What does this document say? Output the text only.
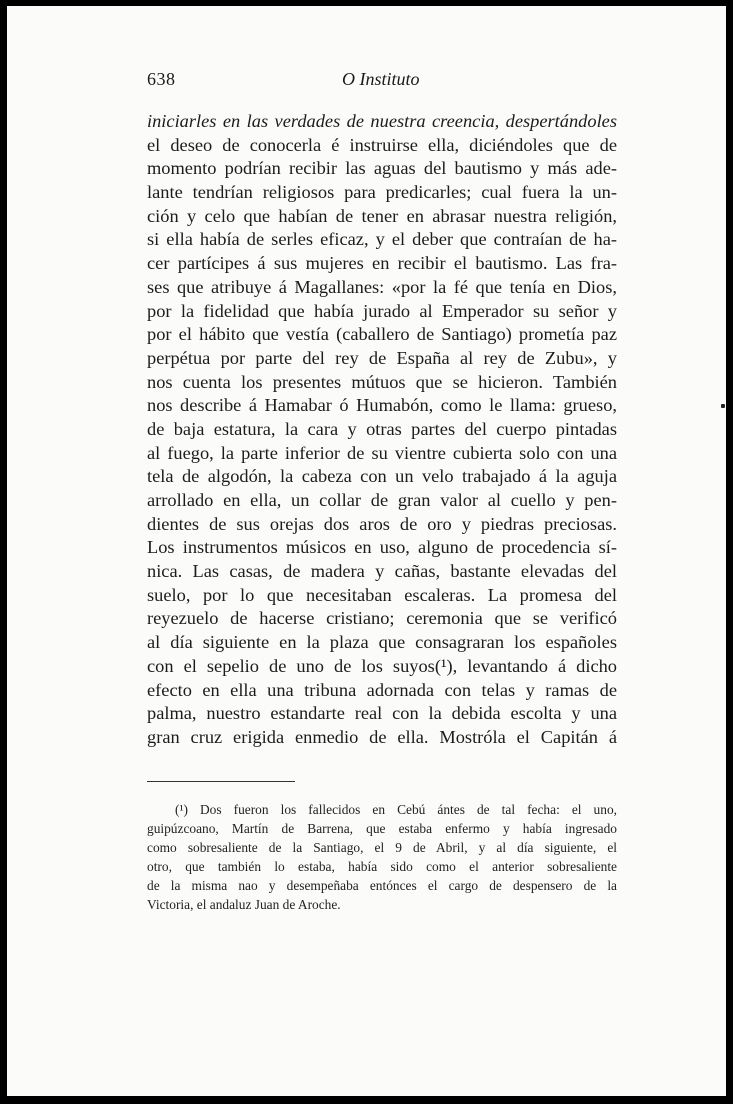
638	O Instituto
iniciarles en las verdades de nuestra creencia, despertándoles
el deseo de conocerla é instruirse ella, diciéndoles que de
momento podrían recibir las aguas del bautismo y más ade-
lante tendrían religiosos para predicarles; cual fuera la un-
ción y celo que habían de tener en abrasar nuestra religión,
si ella había de serles eficaz, y el deber que contraían de ha-
cer partícipes á sus mujeres en recibir el bautismo. Las fra-
ses que atribuye á Magallanes: «por la fé que tenía en Dios,
por la fidelidad que había jurado al Emperador su señor y
por el hábito que vestía (caballero de Santiago) prometía paz
perpétua por parte del rey de España al rey de Zubu», y
nos cuenta los presentes mútuos que se hicieron. También
nos describe á Hamabar ó Humabón, como le llama: grueso,
de baja estatura, la cara y otras partes del cuerpo pintadas
al fuego, la parte inferior de su vientre cubierta solo con una
tela de algodón, la cabeza con un velo trabajado á la aguja
arrollado en ella, un collar de gran valor al cuello y pen-
dientes de sus orejas dos aros de oro y piedras preciosas.
Los instrumentos músicos en uso, alguno de procedencia sí-
nica. Las casas, de madera y cañas, bastante elevadas del
suelo, por lo que necesitaban escaleras. La promesa del
reyezuelo de hacerse cristiano; ceremonia que se verificó
al día siguiente en la plaza que consagraran los españoles
con el sepelio de uno de los suyos(¹), levantando á dicho
efecto en ella una tribuna adornada con telas y ramas de
palma, nuestro estandarte real con la debida escolta y una
gran cruz erigida enmedio de ella. Mostróla el Capitán á
(¹) Dos fueron los fallecidos en Cebú ántes de tal fecha: el uno,
guipúzcoano, Martín de Barrena, que estaba enfermo y había ingresado
como sobresaliente de la Santiago, el 9 de Abril, y al día siguiente, el
otro, que también lo estaba, había sido como el anterior sobresaliente
de la misma nao y desempeñaba entónces el cargo de despensero de la
Victoria, el andaluz Juan de Aroche.
